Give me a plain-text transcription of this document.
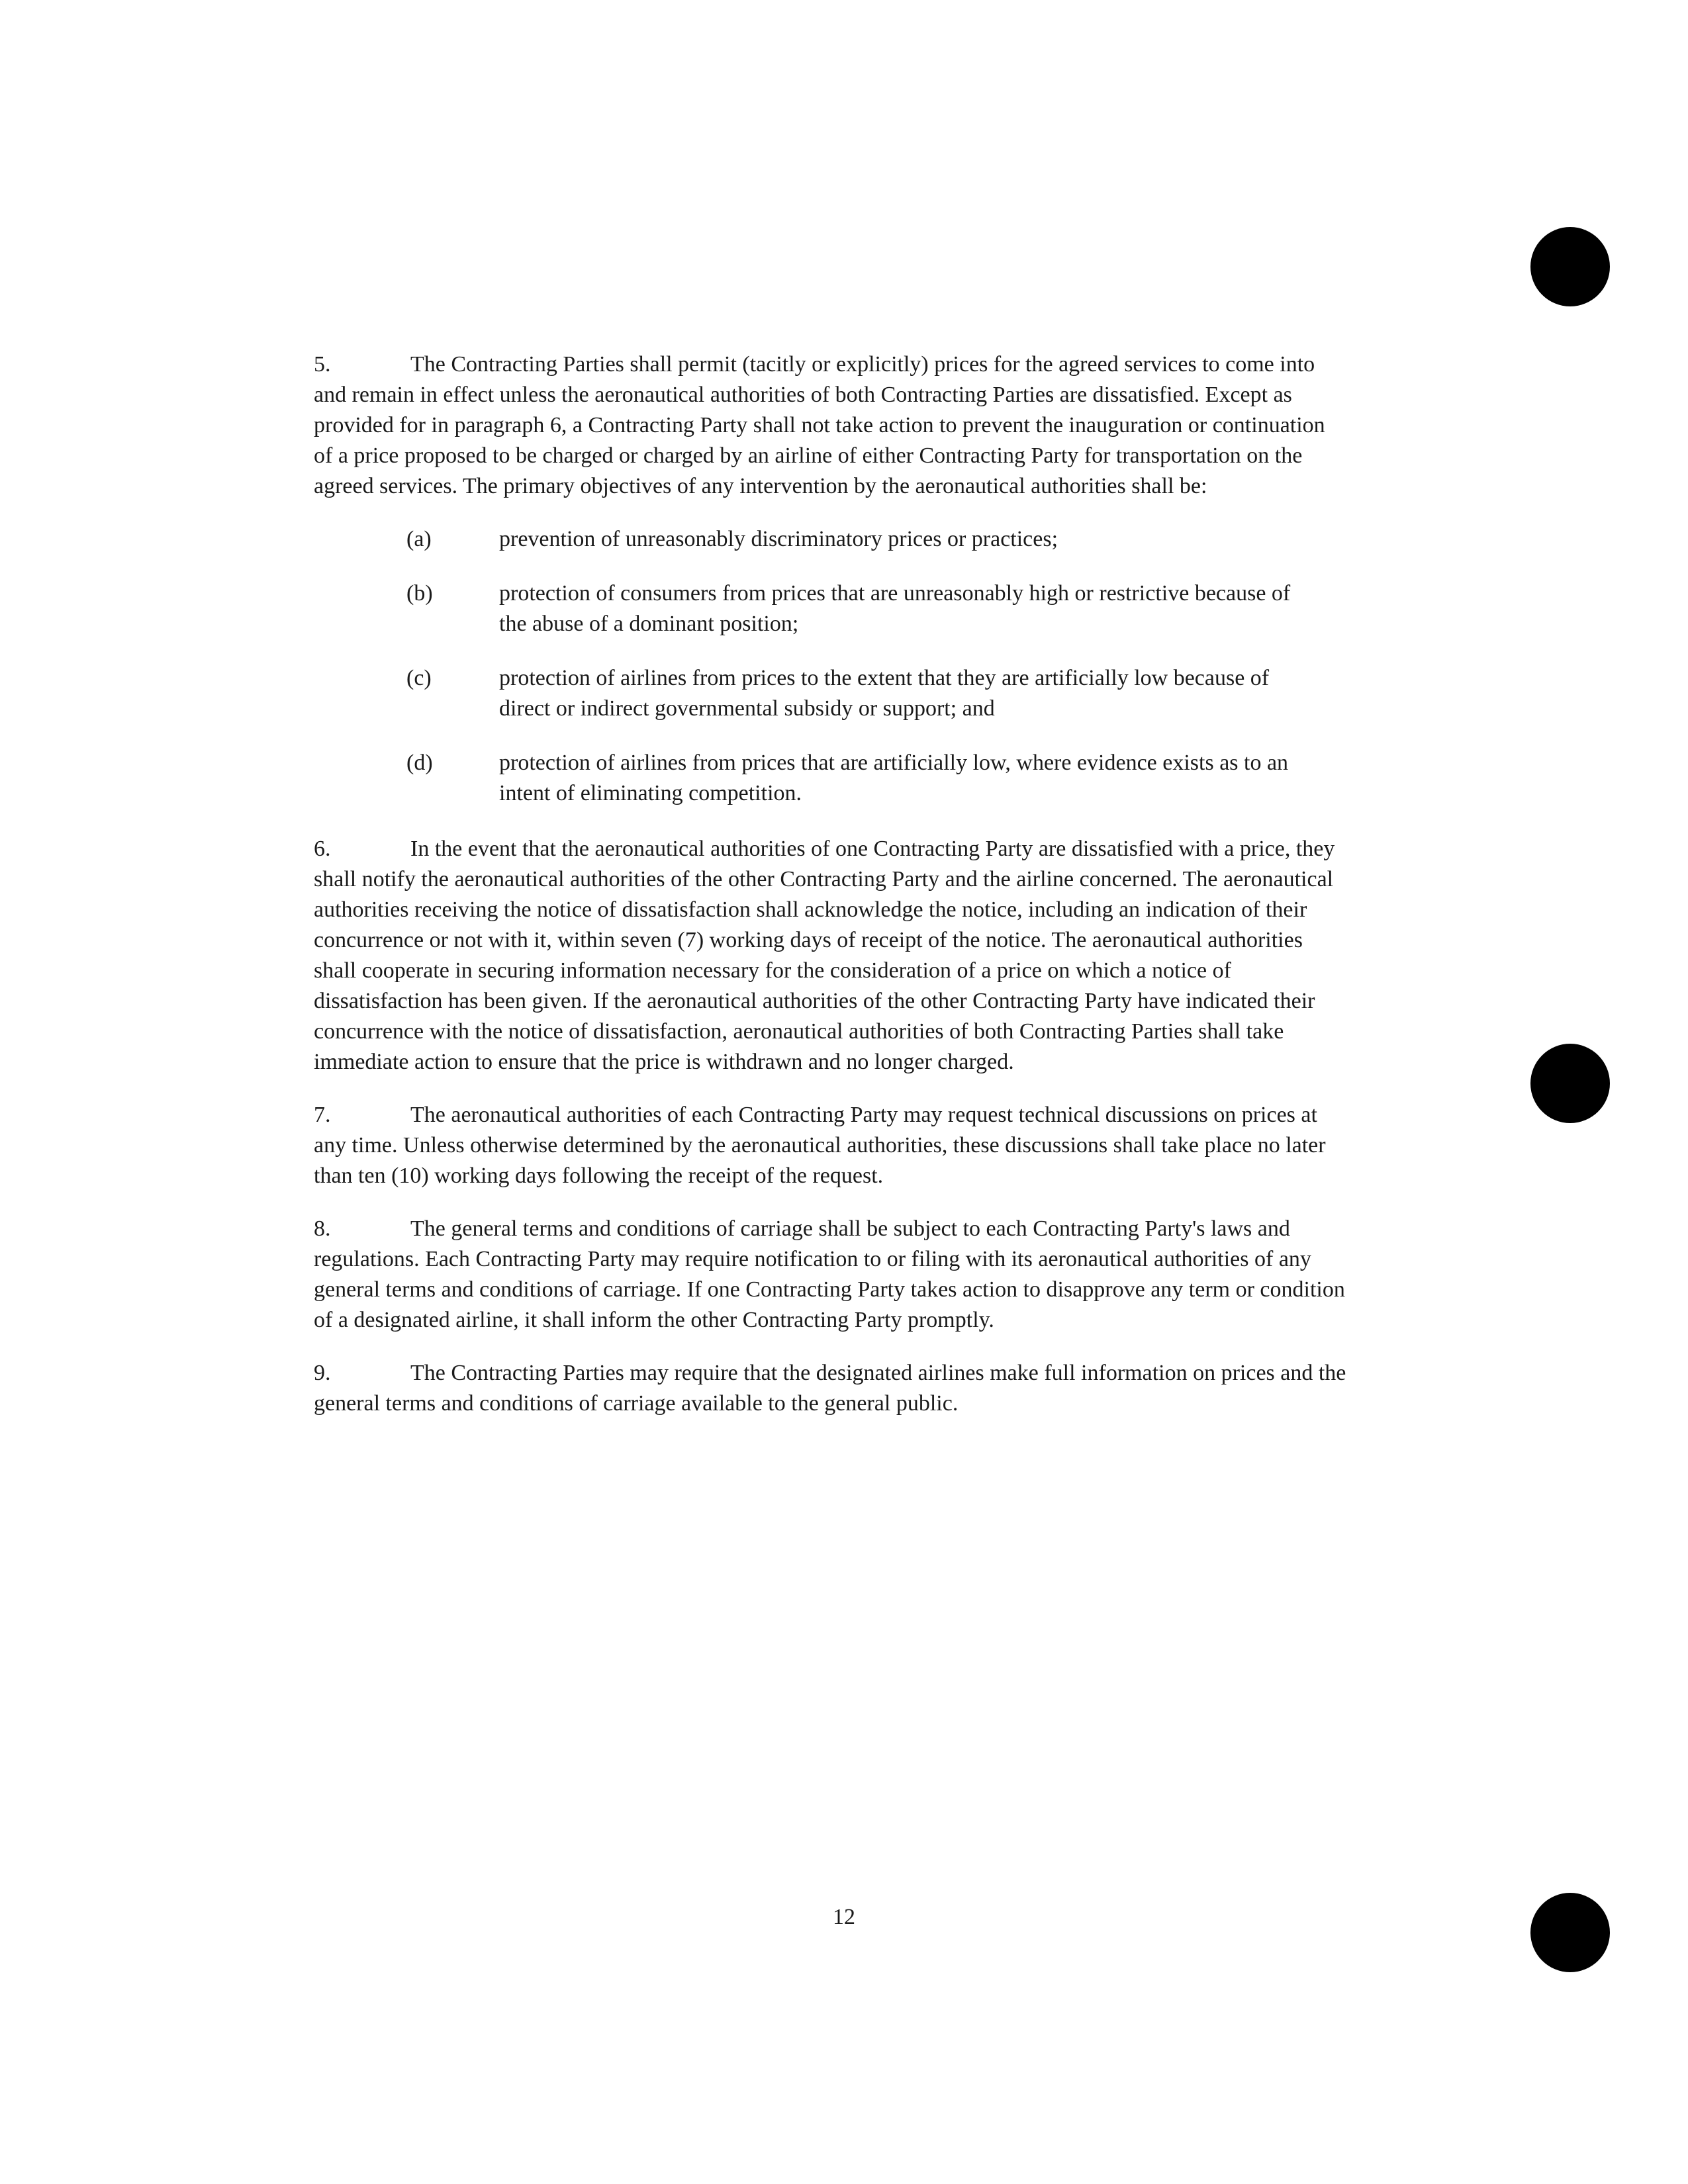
5.	The Contracting Parties shall permit (tacitly or explicitly) prices for the agreed services to come into and remain in effect unless the aeronautical authorities of both Contracting Parties are dissatisfied. Except as provided for in paragraph 6, a Contracting Party shall not take action to prevent the inauguration or continuation of a price proposed to be charged or charged by an airline of either Contracting Party for transportation on the agreed services. The primary objectives of any intervention by the aeronautical authorities shall be:

(a)	prevention of unreasonably discriminatory prices or practices;
(b)	protection of consumers from prices that are unreasonably high or restrictive because of the abuse of a dominant position;
(c)	protection of airlines from prices to the extent that they are artificially low because of direct or indirect governmental subsidy or support; and
(d)	protection of airlines from prices that are artificially low, where evidence exists as to an intent of eliminating competition.

6.	In the event that the aeronautical authorities of one Contracting Party are dissatisfied with a price, they shall notify the aeronautical authorities of the other Contracting Party and the airline concerned. The aeronautical authorities receiving the notice of dissatisfaction shall acknowledge the notice, including an indication of their concurrence or not with it, within seven (7) working days of receipt of the notice. The aeronautical authorities shall cooperate in securing information necessary for the consideration of a price on which a notice of dissatisfaction has been given. If the aeronautical authorities of the other Contracting Party have indicated their concurrence with the notice of dissatisfaction, aeronautical authorities of both Contracting Parties shall take immediate action to ensure that the price is withdrawn and no longer charged.

7.	The aeronautical authorities of each Contracting Party may request technical discussions on prices at any time. Unless otherwise determined by the aeronautical authorities, these discussions shall take place no later than ten (10) working days following the receipt of the request.

8.	The general terms and conditions of carriage shall be subject to each Contracting Party's laws and regulations. Each Contracting Party may require notification to or filing with its aeronautical authorities of any general terms and conditions of carriage. If one Contracting Party takes action to disapprove any term or condition of a designated airline, it shall inform the other Contracting Party promptly.

9.	The Contracting Parties may require that the designated airlines make full information on prices and the general terms and conditions of carriage available to the general public.

12
